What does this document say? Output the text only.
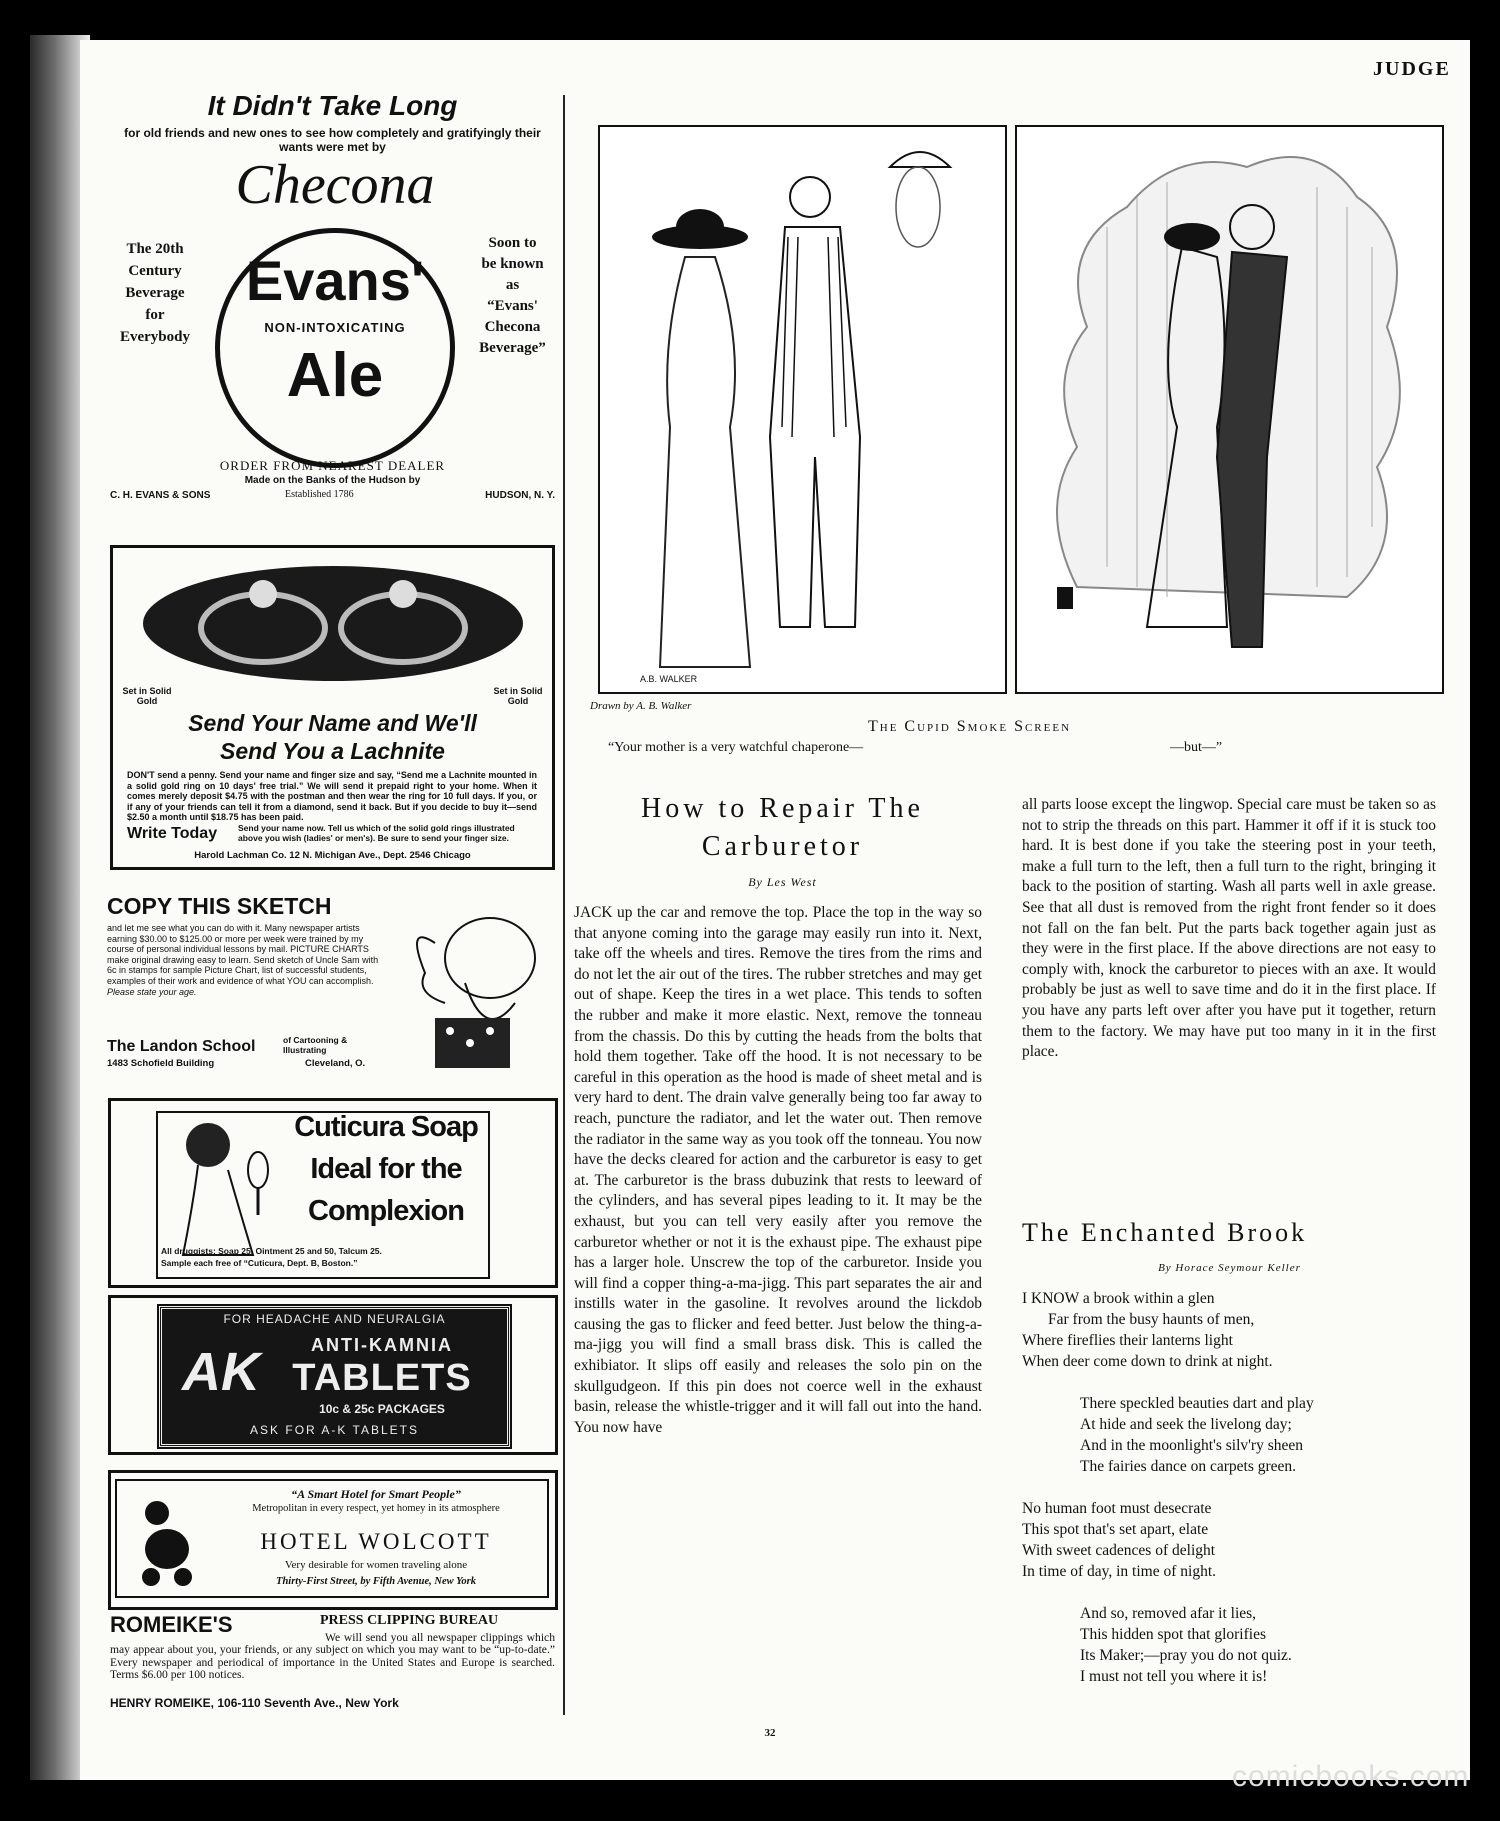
JUDGE
It Didn't Take Long
for old friends and new ones to see how completely and gratifyingly their wants were met by
Checona
Evans'
NON-INTOXICATING
Ale
The 20th
Century
Beverage
for
Everybody
Soon to
be known
as
“Evans'
Checona
Beverage”
ORDER FROM NEAREST DEALER
Made on the Banks of the Hudson by
C. H. EVANS & SONS	Established 1786	HUDSON, N. Y.
Set in Solid Gold
Set in Solid Gold
Send Your Name and We'll
Send You a Lachnite
DON'T send a penny. Send your name and finger size and say, “Send me a Lachnite mounted in a solid gold ring on 10 days' free trial.” We will send it prepaid right to your home. When it comes merely deposit $4.75 with the postman and then wear the ring for 10 full days. If you, or if any of your friends can tell it from a diamond, send it back. But if you decide to buy it—send $2.50 a month until $18.75 has been paid.
Write Today Send your name now. Tell us which of the solid gold rings illustrated above you wish (ladies' or men's). Be sure to send your finger size.
Harold Lachman Co. 12 N. Michigan Ave., Dept. 2546 Chicago
COPY THIS SKETCH
and let me see what you can do with it. Many newspaper artists earning $30.00 to $125.00 or more per week were trained by my course of personal individual lessons by mail. PICTURE CHARTS make original drawing easy to learn. Send sketch of Uncle Sam with 6c in stamps for sample Picture Chart, list of successful students, examples of their work and evidence of what YOU can accomplish. Please state your age.
The Landon School	of Cartooning & Illustrating
1483 Schofield Building	Cleveland, O.
Cuticura Soap
Ideal for the
Complexion
All druggists: Soap 25, Ointment 25 and 50, Talcum 25.
Sample each free of “Cuticura, Dept. B, Boston.”
FOR HEADACHE AND NEURALGIA
AK	ANTI-KAMNIA
TABLETS
10c & 25c PACKAGES
ASK FOR A-K TABLETS
“A Smart Hotel for Smart People”
Metropolitan in every respect, yet homey in its atmosphere
HOTEL WOLCOTT
Very desirable for women traveling alone
Thirty-First Street, by Fifth Avenue, New York
ROMEIKE'S	PRESS CLIPPING BUREAU
We will send you all newspaper clippings which may appear about you, your friends, or any subject on which you may want to be “up-to-date.” Every newspaper and periodical of importance in the United States and Europe is searched. Terms $6.00 per 100 notices.
HENRY ROMEIKE, 106-110 Seventh Ave., New York
A.B. WALKER
Drawn by A. B. Walker
The Cupid Smoke Screen
“Your mother is a very watchful chaperone—	—but—”
How to Repair The Carburetor
By Les West

JACK up the car and remove the top. Place the top in the way so that anyone coming into the garage may easily run into it. Next, take off the wheels and tires. Remove the tires from the rims and do not let the air out of the tires. The rubber stretches and may get out of shape. Keep the tires in a wet place. This tends to soften the rubber and make it more elastic. Next, remove the tonneau from the chassis. Do this by cutting the heads from the bolts that hold them together. Take off the hood. It is not necessary to be careful in this operation as the hood is made of sheet metal and is very hard to dent. The drain valve generally being too far away to reach, puncture the radiator, and let the water out. Then remove the radiator in the same way as you took off the tonneau. You now have the decks cleared for action and the carburetor is easy to get at. The carburetor is the brass dubuzink that rests to leeward of the cylinders, and has several pipes leading to it. It may be the exhaust, but you can tell very easily after you remove the carburetor whether or not it is the exhaust pipe. The exhaust pipe has a larger hole. Unscrew the top of the carburetor. Inside you will find a copper thing-a-ma-jigg. This part separates the air and instills water in the gasoline. It revolves around the lickdob causing the gas to flicker and feed better. Just below the thing-a-ma-jigg you will find a small brass disk. This is called the exhibiator. It slips off easily and releases the solo pin on the skullgudgeon. If this pin does not coerce well in the exhaust basin, release the whistle-trigger and it will fall out into the hand. You now have

all parts loose except the lingwop. Special care must be taken so as not to strip the threads on this part. Hammer it off if it is stuck too hard. It is best done if you take the steering post in your teeth, make a full turn to the left, then a full turn to the right, bringing it back to the position of starting. Wash all parts well in axle grease. See that all dust is removed from the right front fender so it does not fall on the fan belt. Put the parts back together again just as they were in the first place. If the above directions are not easy to comply with, knock the carburetor to pieces with an axe. It would probably be just as well to save time and do it in the first place. If you have any parts left over after you have put it together, return them to the factory. We may have put too many in it in the first place.

The Enchanted Brook
By Horace Seymour Keller

I KNOW a brook within a glen

Far from the busy haunts of men,

Where fireflies their lanterns light

When deer come down to drink at night.

There speckled beauties dart and play

At hide and seek the livelong day;

And in the moonlight's silv'ry sheen

The fairies dance on carpets green.

No human foot must desecrate

This spot that's set apart, elate

With sweet cadences of delight

In time of day, in time of night.

And so, removed afar it lies,

This hidden spot that glorifies

Its Maker;—pray you do not quiz.

I must not tell you where it is!

32
comicbooks.com
